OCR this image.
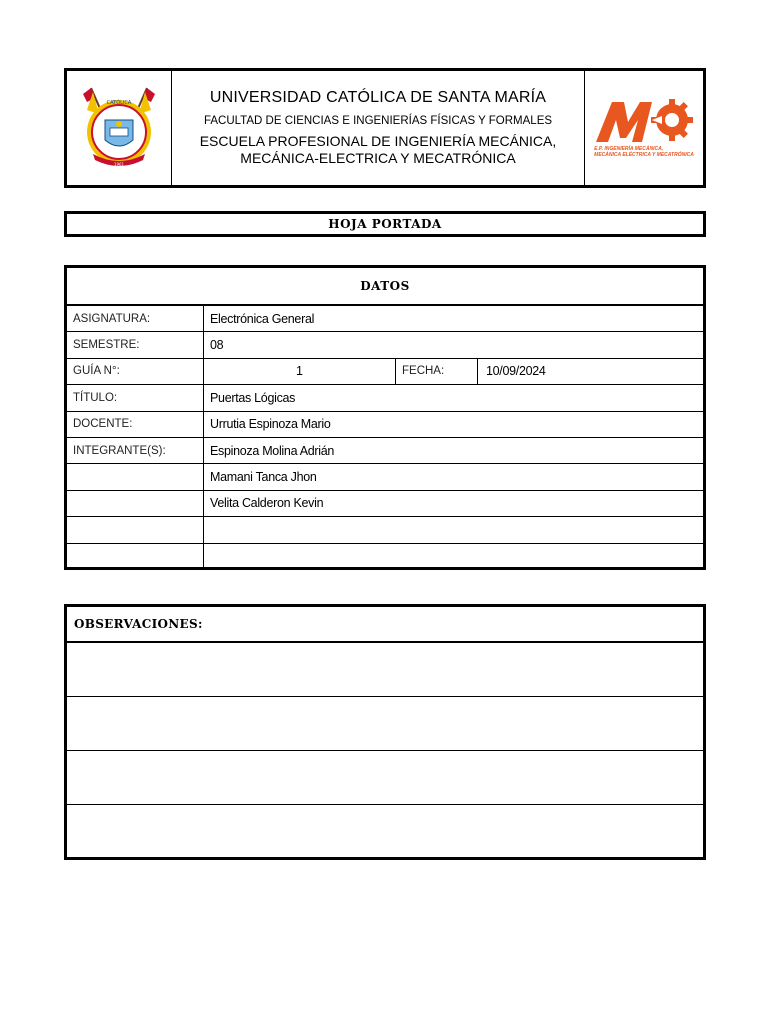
CATÓLICA
1961
UNIVERSIDAD CATÓLICA DE SANTA MARÍA
FACULTAD DE CIENCIAS E INGENIERÍAS FÍSICAS Y FORMALES
ESCUELA PROFESIONAL DE INGENIERÍA MECÁNICA,
MECÁNICA-ELECTRICA Y MECATRÓNICA
E.P. INGENIERÍA MECÁNICA,
MECÁNICA ELÉCTRICA Y MECATRÓNICA
HOJA PORTADA
DATOS
ASIGNATURA:	Electrónica General
SEMESTRE:	08
GUÍA N°:	1	FECHA:	10/09/2024
TÍTULO:	Puertas Lógicas
DOCENTE:	Urrutia Espinoza Mario
INTEGRANTE(S):	Espinoza Molina Adrián
Mamani Tanca Jhon
Velita Calderon Kevin
OBSERVACIONES:
